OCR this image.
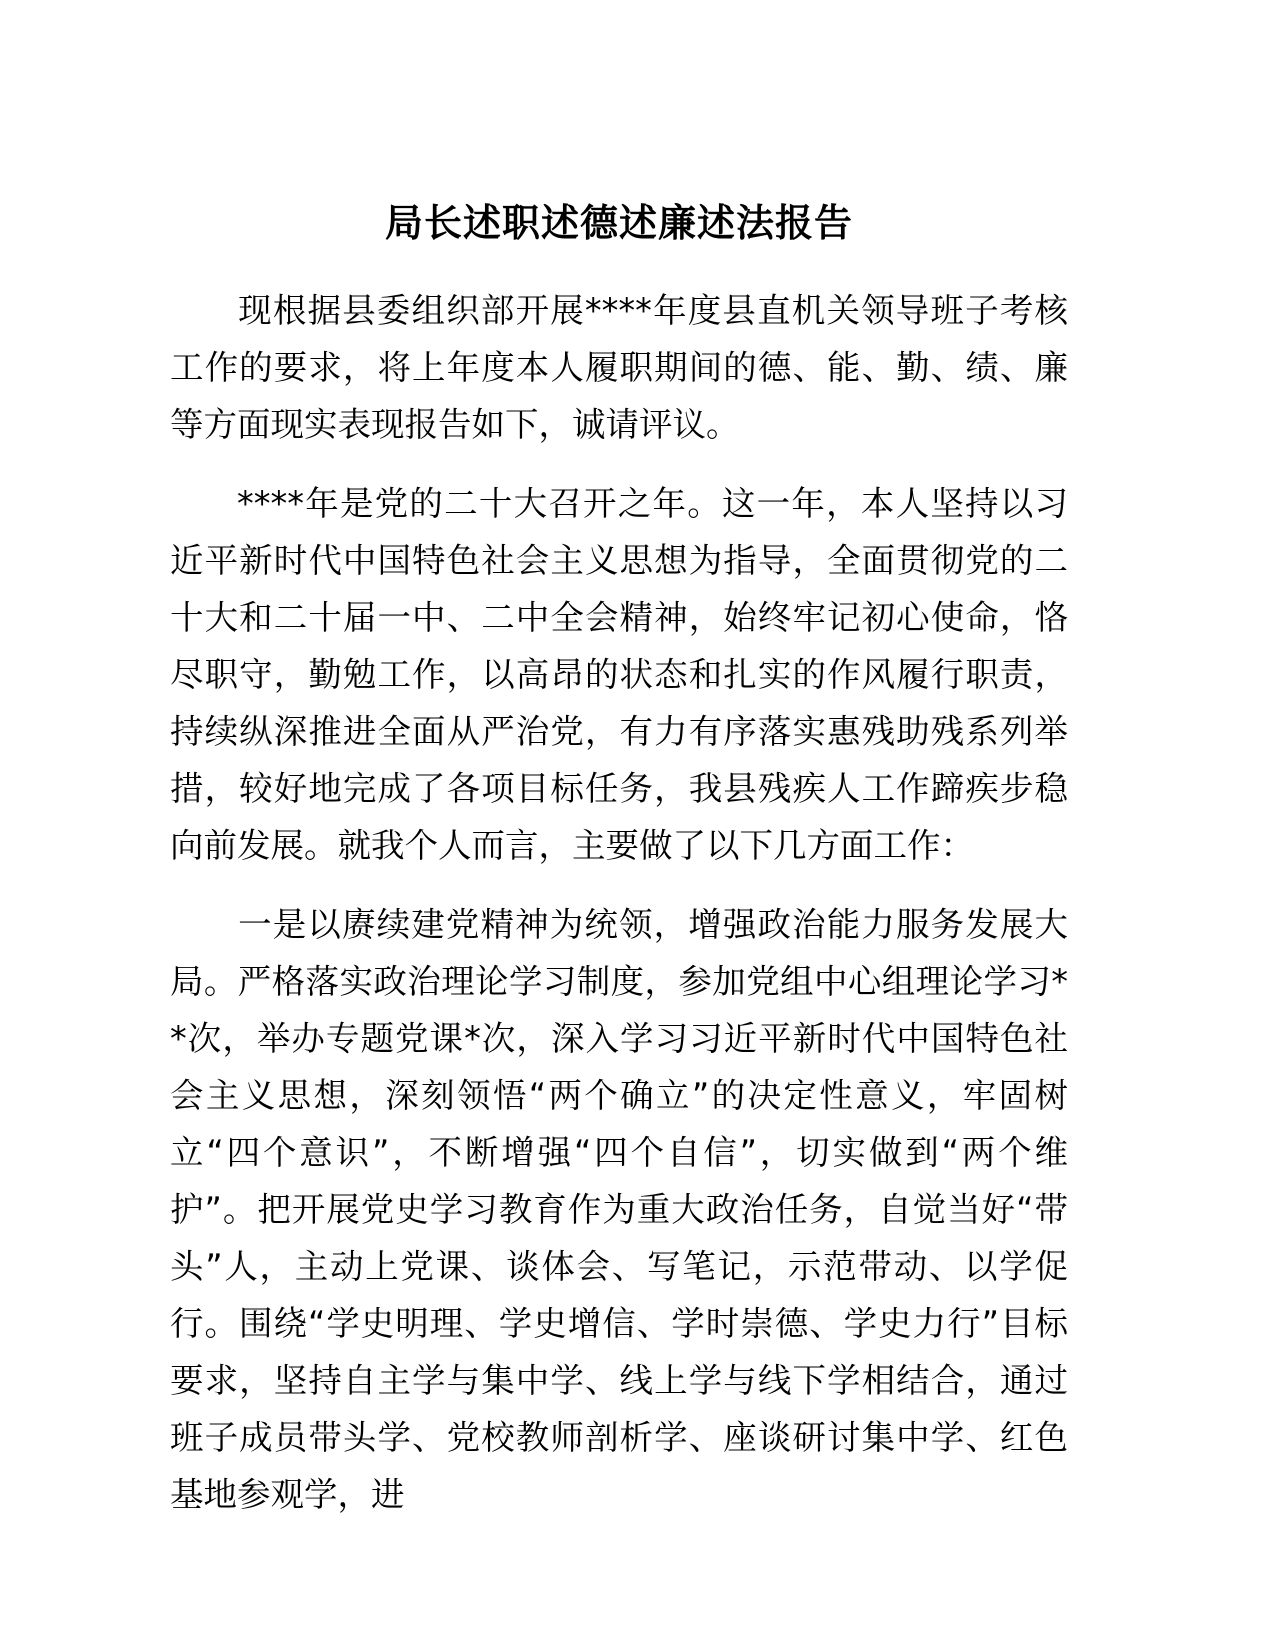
局长述职述德述廉述法报告

现根据县委组织部开展****年度县直机关领导班子考核工作的要求，将上年度本人履职期间的德、能、勤、绩、廉等方面现实表现报告如下，诚请评议。

****年是党的二十大召开之年。这一年，本人坚持以习近平新时代中国特色社会主义思想为指导，全面贯彻党的二十大和二十届一中、二中全会精神，始终牢记初心使命，恪尽职守，勤勉工作，以高昂的状态和扎实的作风履行职责，持续纵深推进全面从严治党，有力有序落实惠残助残系列举措，较好地完成了各项目标任务，我县残疾人工作蹄疾步稳向前发展。就我个人而言，主要做了以下几方面工作：

一是以赓续建党精神为统领，增强政治能力服务发展大局。严格落实政治理论学习制度，参加党组中心组理论学习**次，举办专题党课*次，深入学习习近平新时代中国特色社会主义思想，深刻领悟“两个确立”的决定性意义，牢固树立“四个意识”，不断增强“四个自信”，切实做到“两个维护”。把开展党史学习教育作为重大政治任务，自觉当好“带头”人，主动上党课、谈体会、写笔记，示范带动、以学促行。围绕“学史明理、学史增信、学时崇德、学史力行”目标要求，坚持自主学与集中学、线上学与线下学相结合，通过班子成员带头学、党校教师剖析学、座谈研讨集中学、红色基地参观学，进
